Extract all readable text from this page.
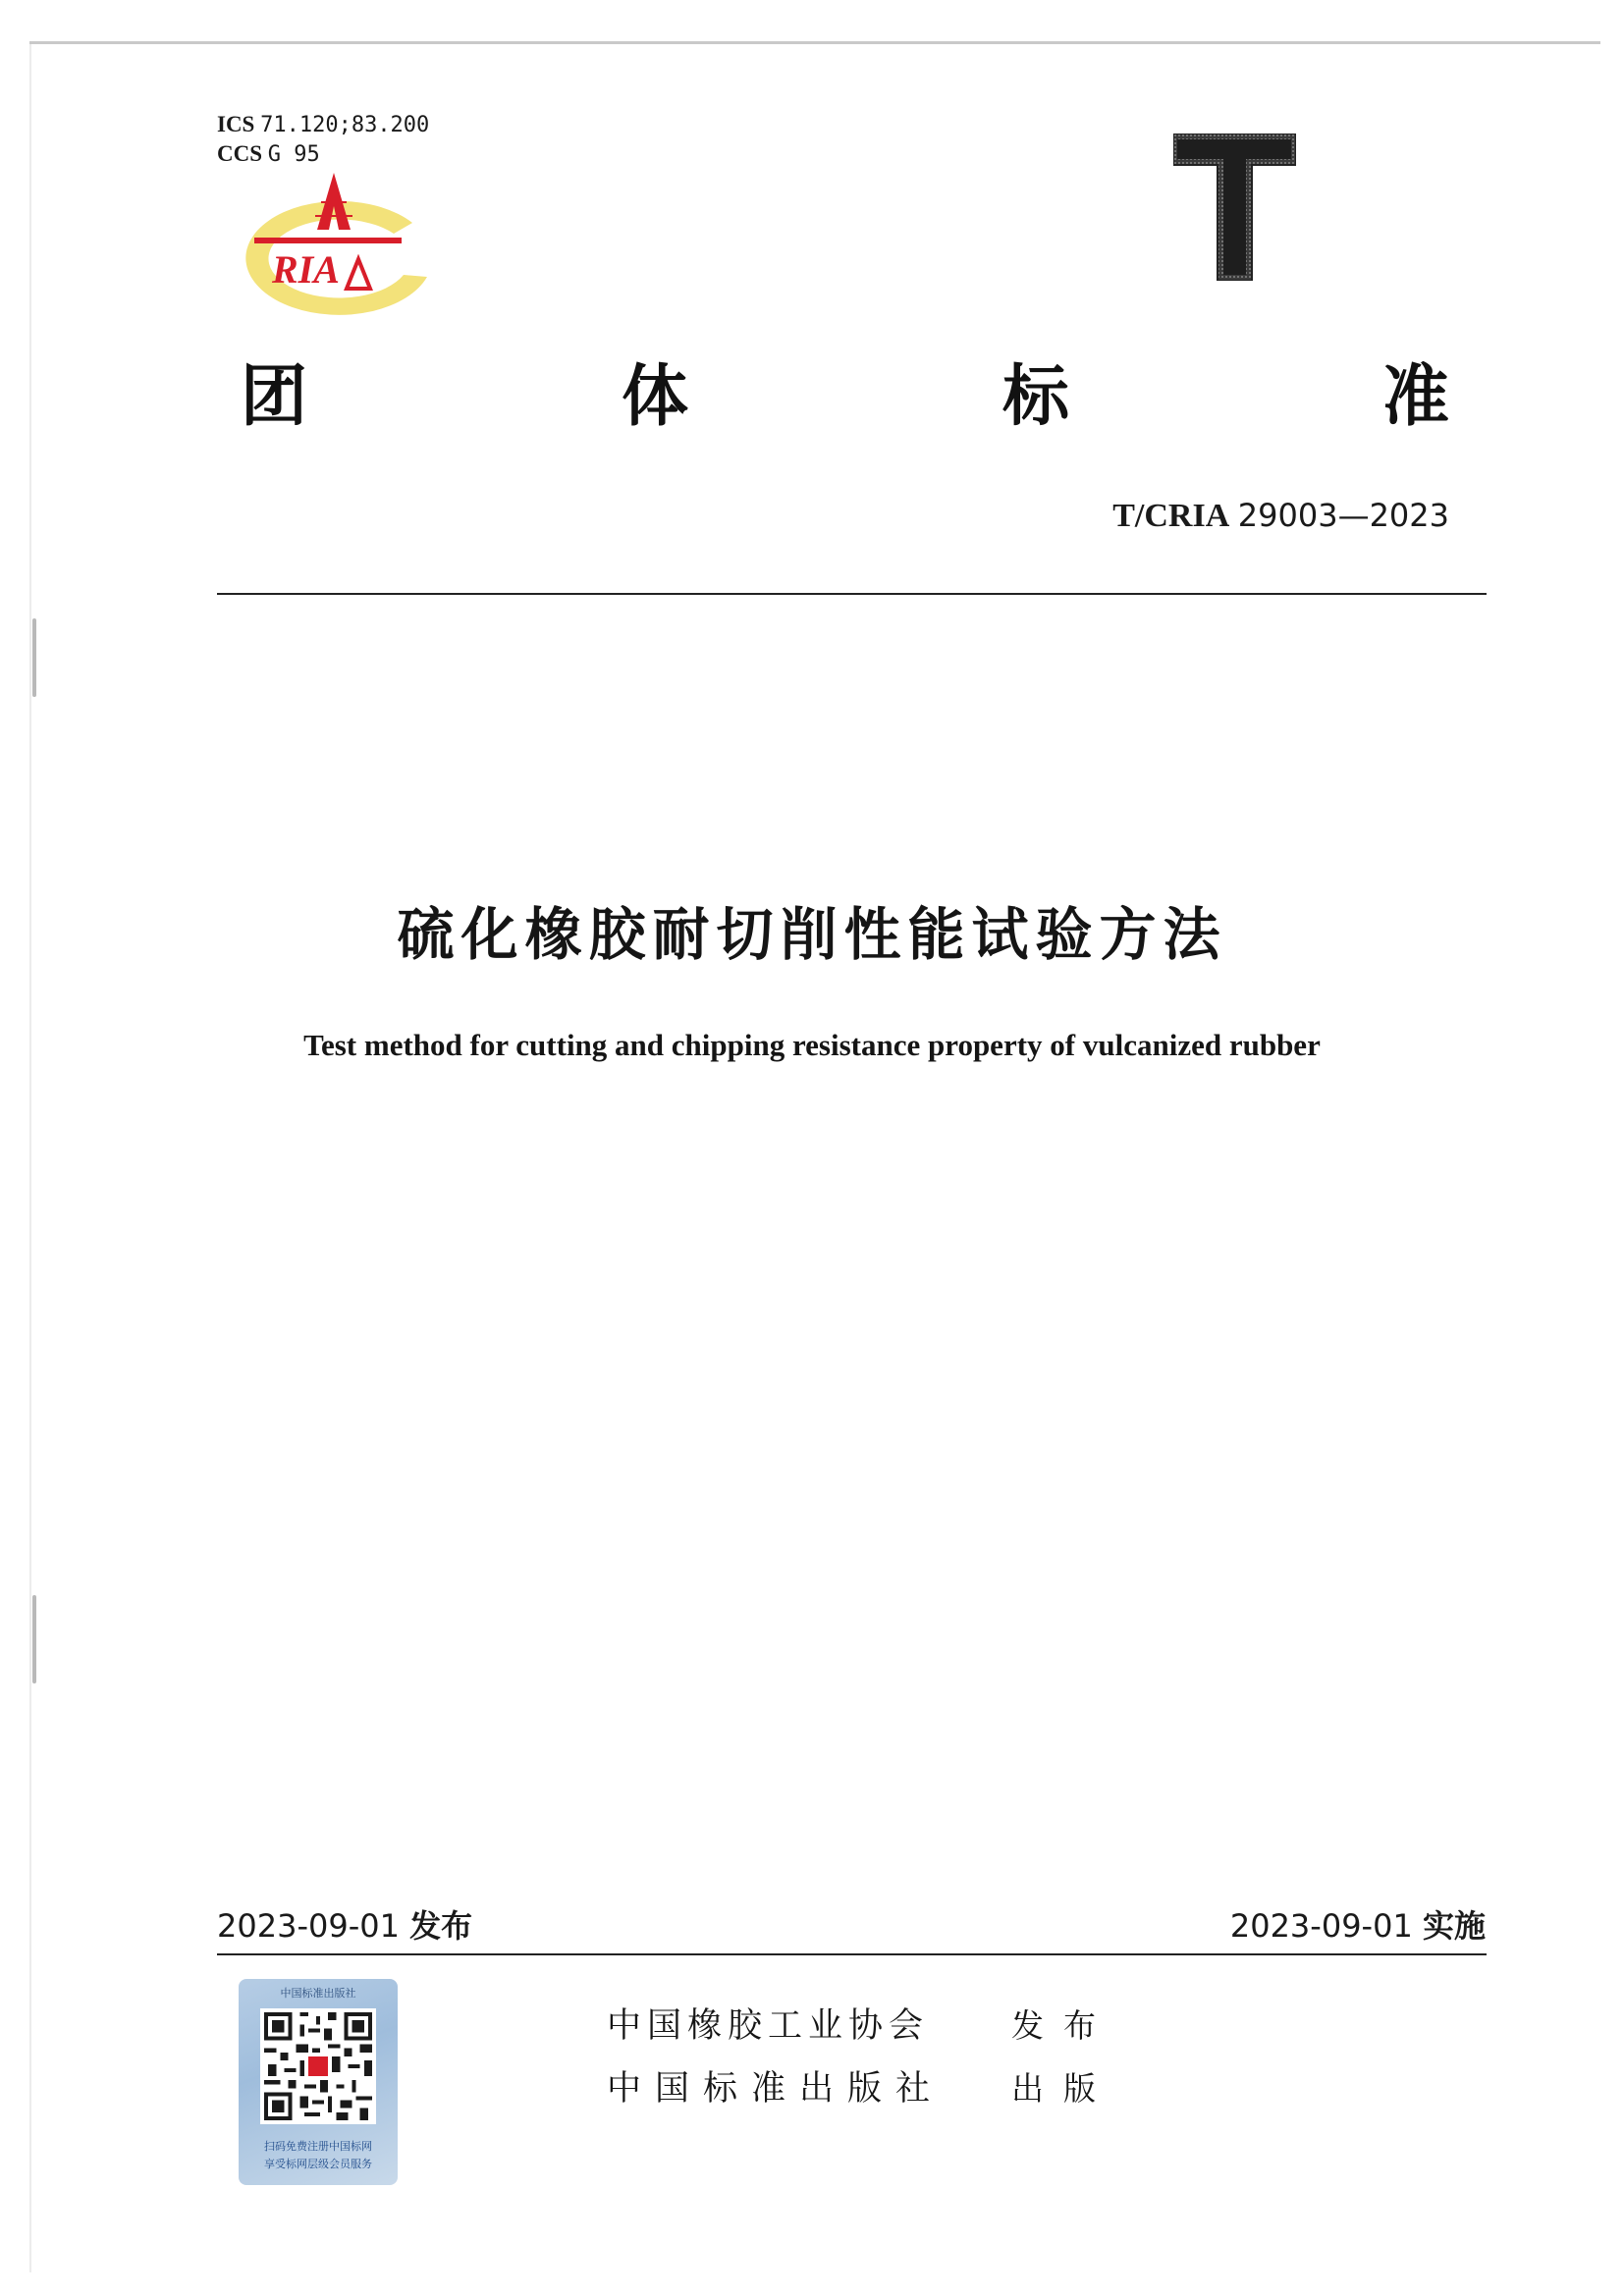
ICS 71.120;83.200
CCS G 95
RIA
团	体	标	准
T/CRIA 29003—2023
硫化橡胶耐切削性能试验方法
Test method for cutting and chipping resistance property of vulcanized rubber
2023-09-01 发布	2023-09-01 实施
中国橡胶工业协会	发布
中国标准出版社 出版
中国标准出版社
扫码免费注册中国标网
享受标网层级会员服务
